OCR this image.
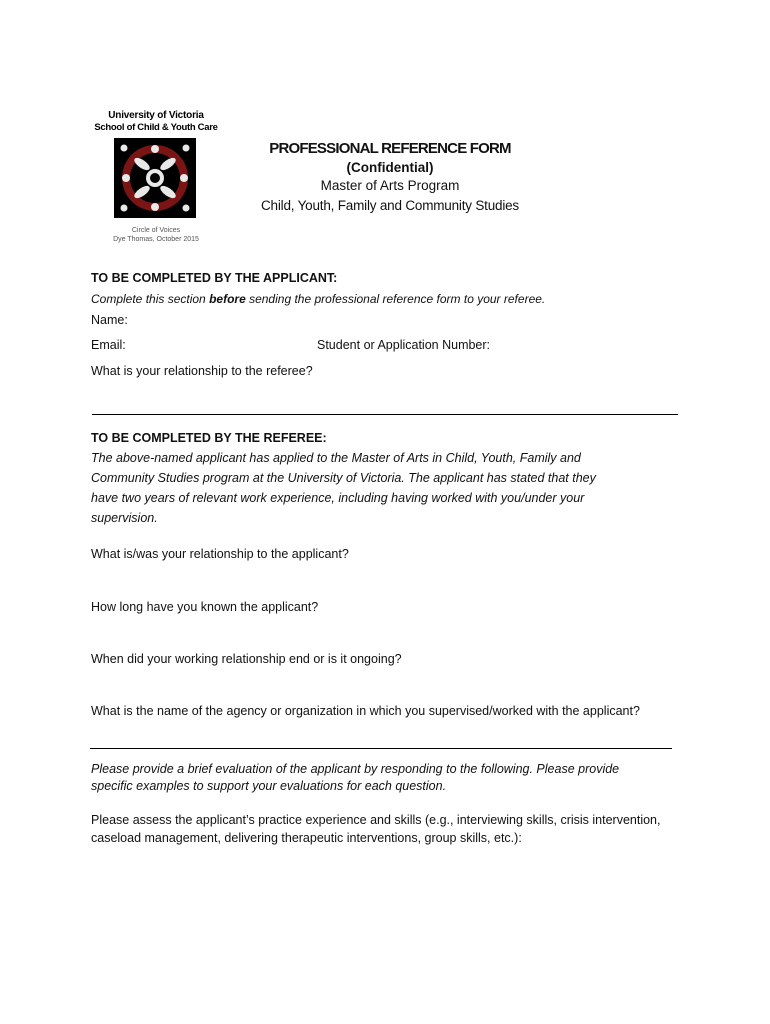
University of Victoria
School of Child & Youth Care
Circle of Voices
Dye Thomas, October 2015
PROFESSIONAL REFERENCE FORM
(Confidential)
Master of Arts Program
Child, Youth, Family and Community Studies
TO BE COMPLETED BY THE APPLICANT:
Complete this section before sending the professional reference form to your referee.
Name:
Email:	Student or Application Number:
What is your relationship to the referee?
TO BE COMPLETED BY THE REFEREE:
The above-named applicant has applied to the Master of Arts in Child, Youth, Family and
Community Studies program at the University of Victoria. The applicant has stated that they
have two years of relevant work experience, including having worked with you/under your
supervision.
What is/was your relationship to the applicant?
How long have you known the applicant?
When did your working relationship end or is it ongoing?
What is the name of the agency or organization in which you supervised/worked with the applicant?
Please provide a brief evaluation of the applicant by responding to the following. Please provide
specific examples to support your evaluations for each question.
Please assess the applicant’s practice experience and skills (e.g., interviewing skills, crisis intervention,
caseload management, delivering therapeutic interventions, group skills, etc.):
